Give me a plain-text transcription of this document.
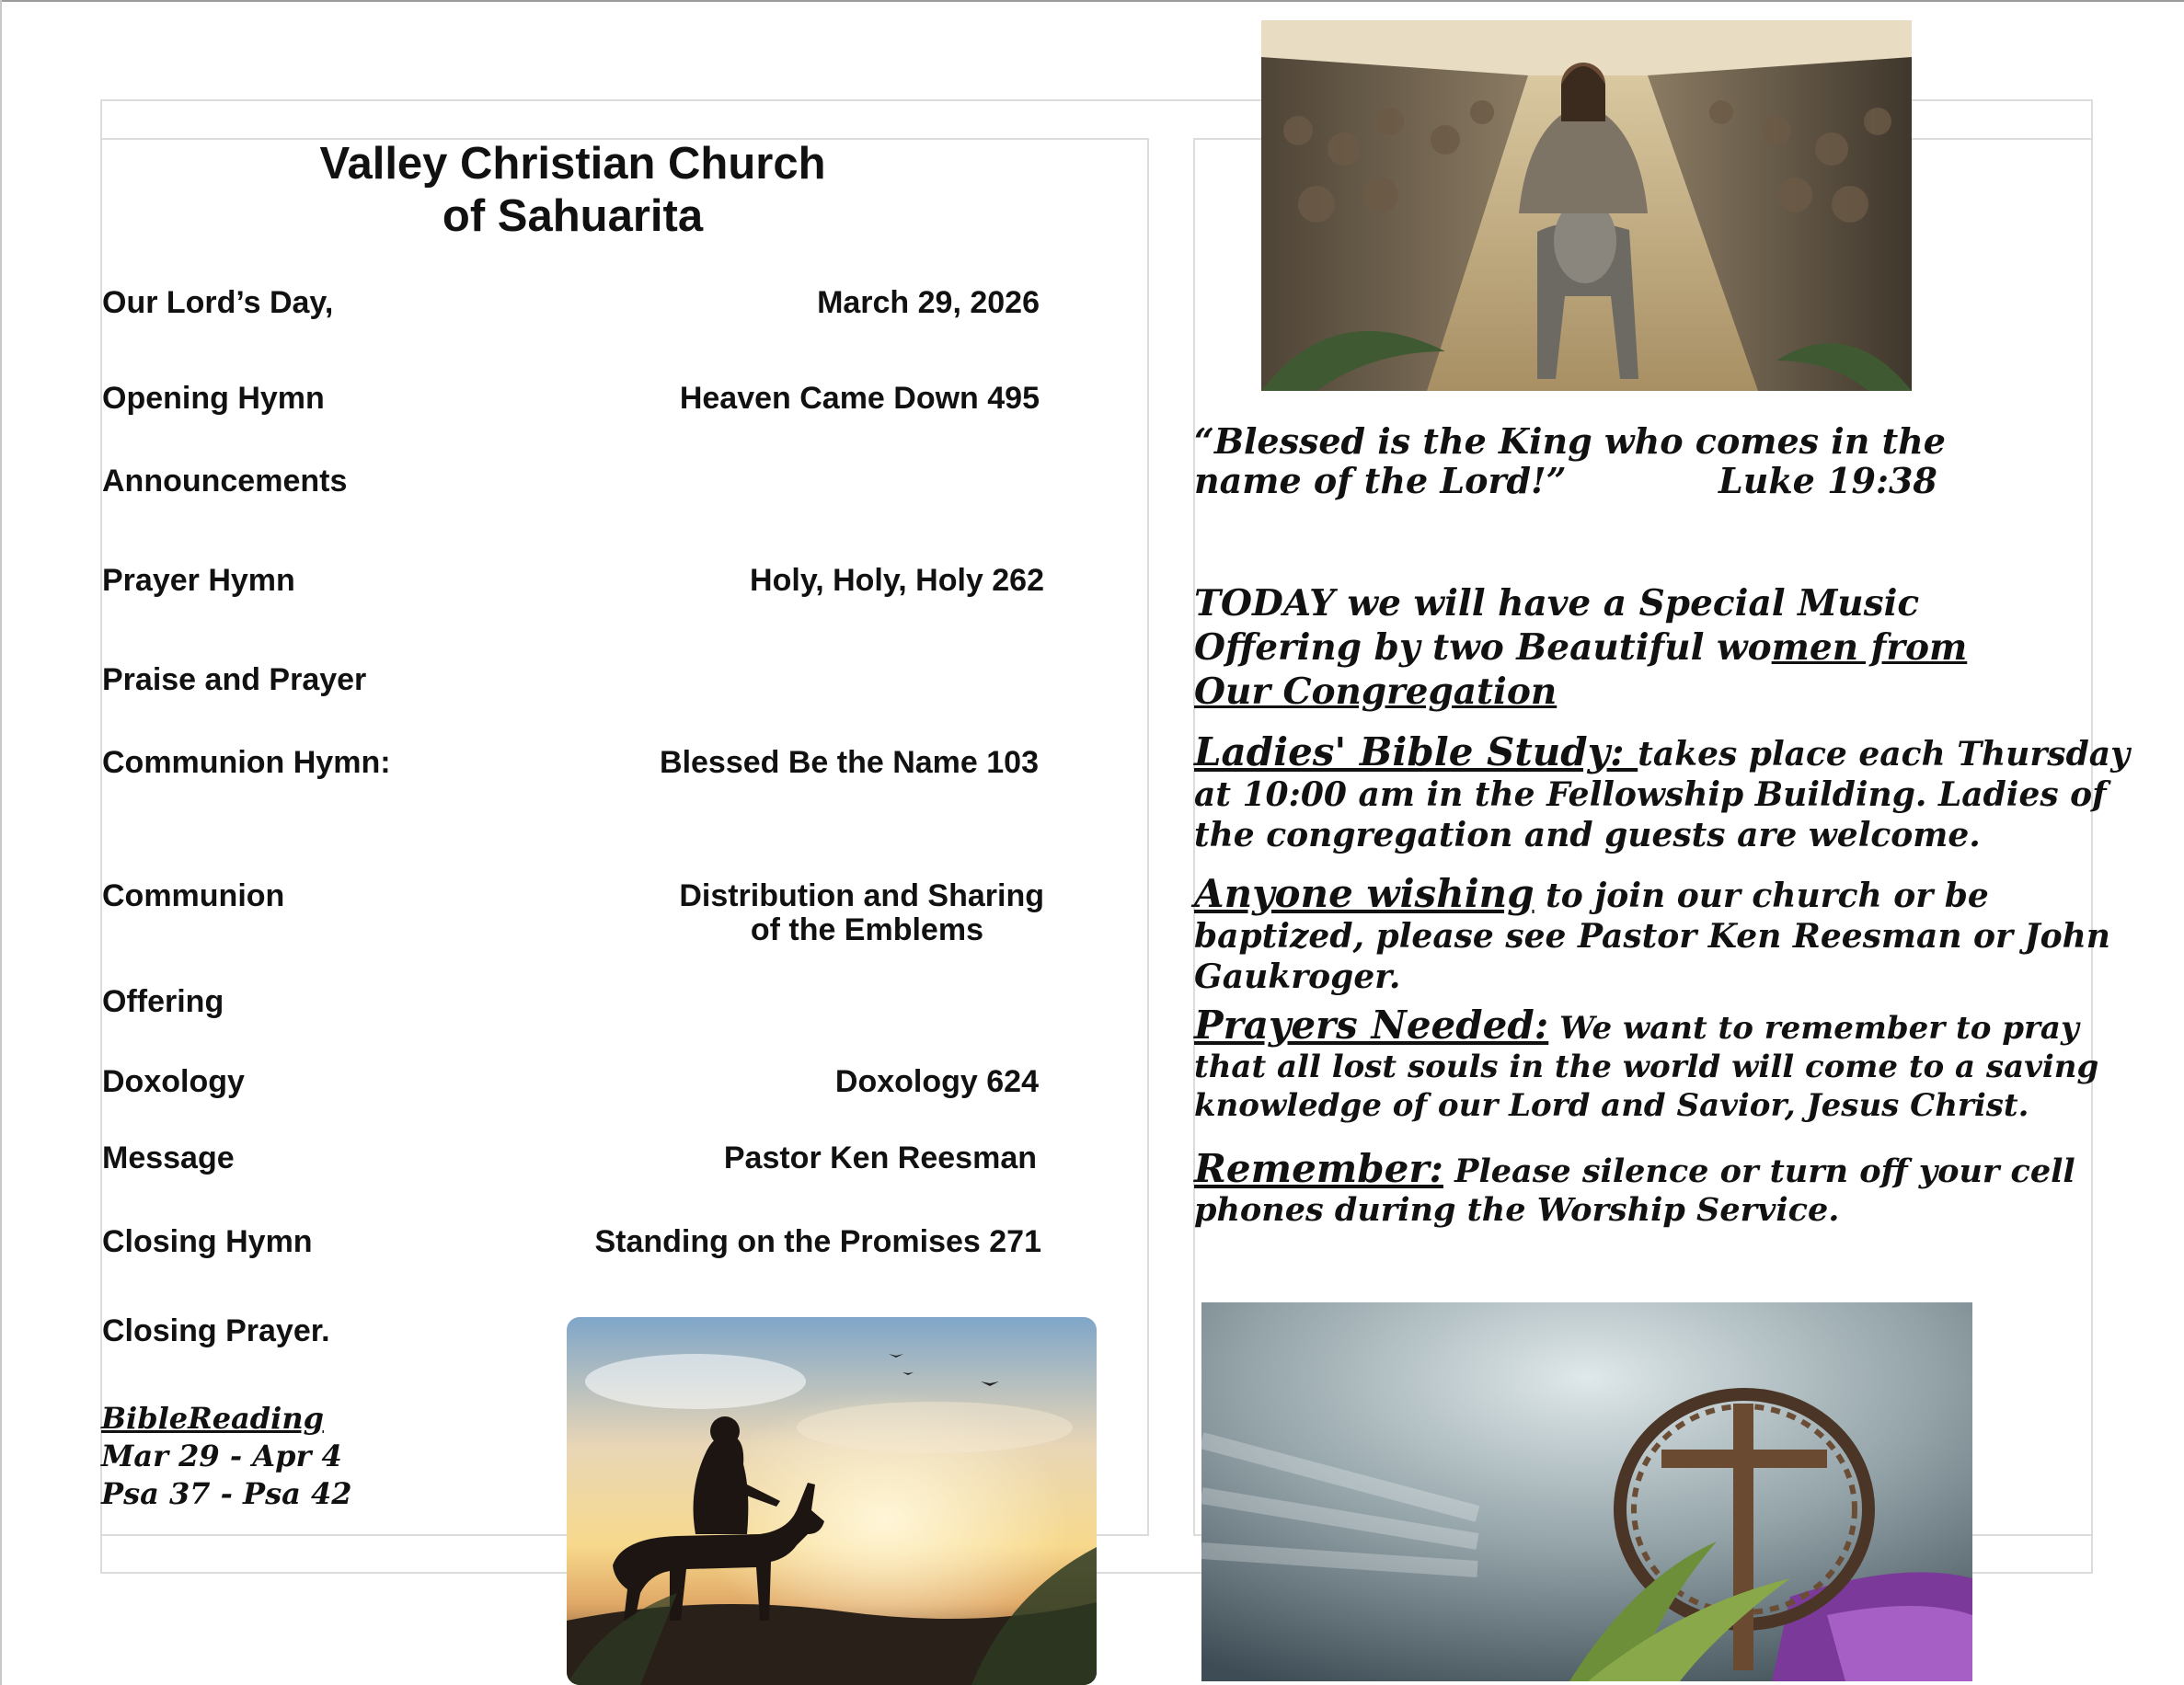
Valley Christian Church
of Sahuarita
Our Lord’s Day,	March 29, 2026
Opening Hymn	Heaven Came Down 495
Announcements
Prayer Hymn	Holy, Holy, Holy 262
Praise and Prayer
Communion Hymn:	Blessed Be the Name 103
Communion	Distribution and Sharing
of the Emblems
Offering
Doxology	Doxology 624
Message	Pastor Ken Reesman
Closing Hymn	Standing on the Promises 271
Closing Prayer.
BibleReading
Mar 29 - Apr 4
Psa 37 - Psa 42
“Blessed is the King who comes in the
name of the Lord!”	Luke 19:38
TODAY we will have a Special Music
Offering by two Beautiful women from
Our Congregation
Ladies' Bible Study: takes place each Thursday
at 10:00 am in the Fellowship Building. Ladies of
the congregation and guests are welcome.
Anyone wishing to join our church or be
baptized, please see Pastor Ken Reesman or John
Gaukroger.
Prayers Needed: We want to remember to pray
that all lost souls in the world will come to a saving
knowledge of our Lord and Savior, Jesus Christ.
Remember: Please silence or turn off your cell
phones during the Worship Service.
